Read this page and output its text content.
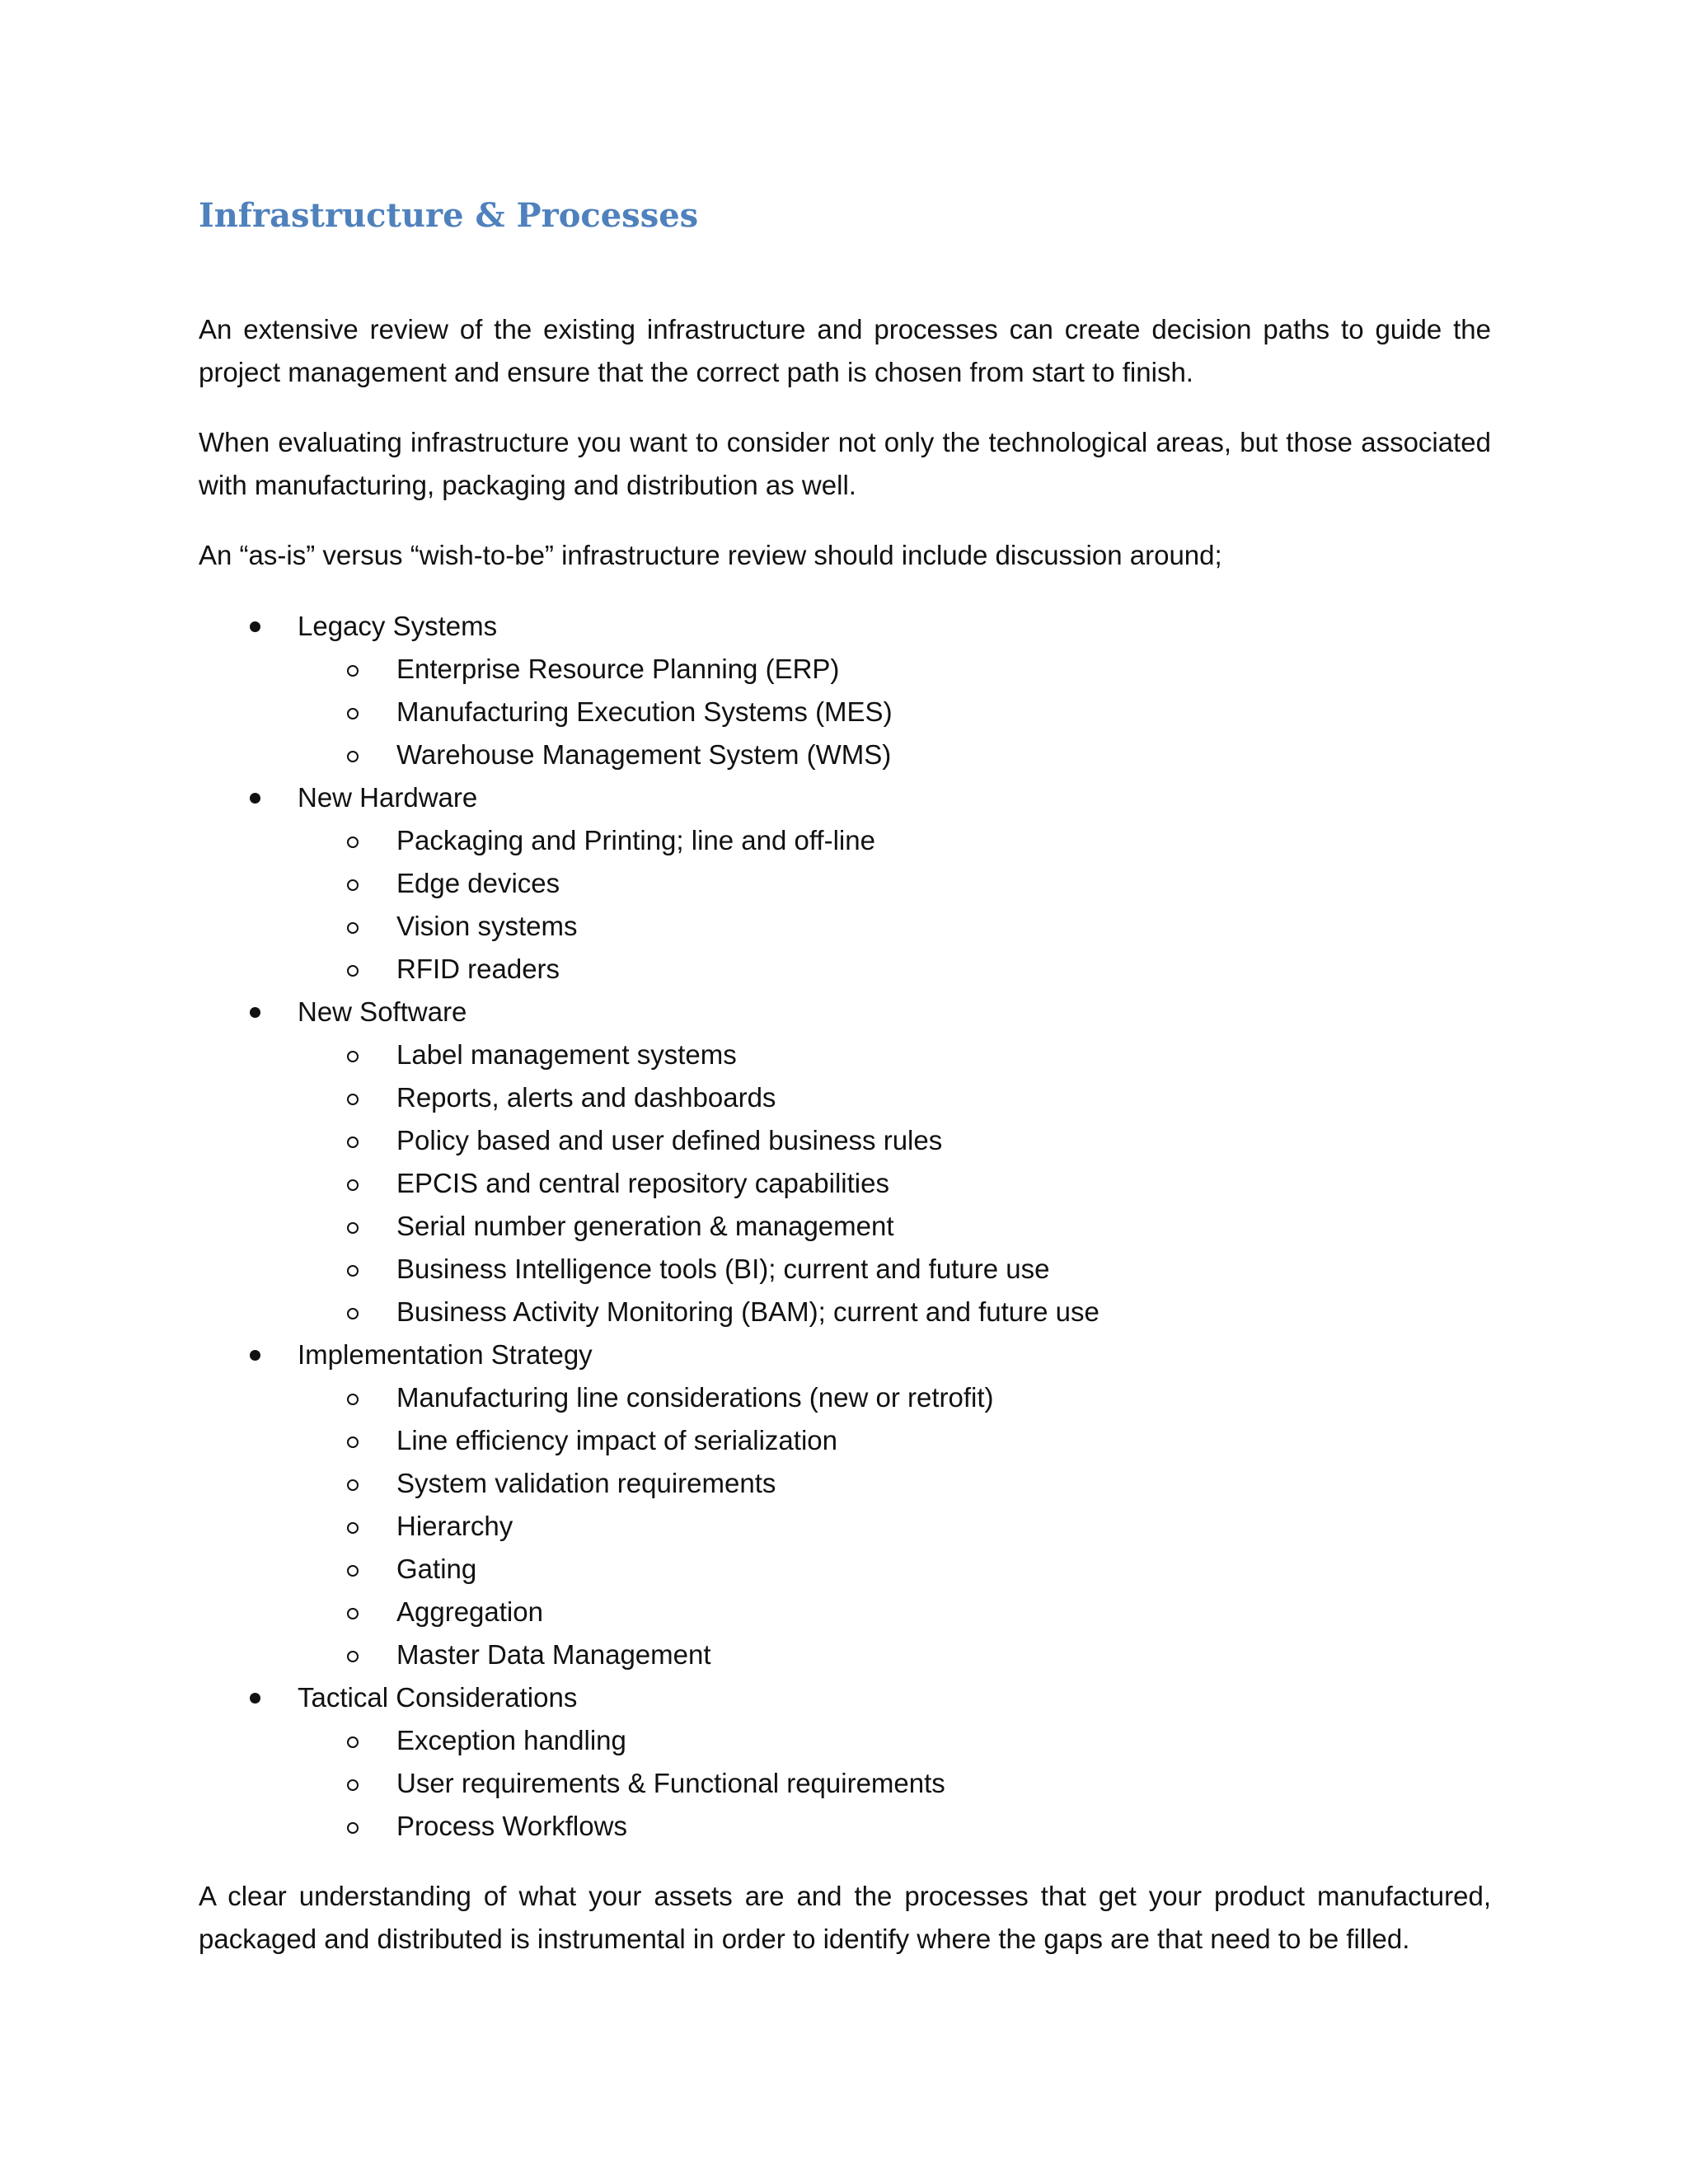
Infrastructure & Processes

An extensive review of the existing infrastructure and processes can create decision paths to guide the project management and ensure that the correct path is chosen from start to finish.

When evaluating infrastructure you want to consider not only the technological areas, but those associated with manufacturing, packaging and distribution as well.

An “as-is” versus “wish-to-be” infrastructure review should include discussion around;

Legacy Systems
Enterprise Resource Planning (ERP)
Manufacturing Execution Systems (MES)
Warehouse Management System (WMS)
New Hardware
Packaging and Printing; line and off-line
Edge devices
Vision systems
RFID readers
New Software
Label management systems
Reports, alerts and dashboards
Policy based and user defined business rules
EPCIS and central repository capabilities
Serial number generation & management
Business Intelligence tools (BI); current and future use
Business Activity Monitoring (BAM); current and future use
Implementation Strategy
Manufacturing line considerations (new or retrofit)
Line efficiency impact of serialization
System validation requirements
Hierarchy
Gating
Aggregation
Master Data Management
Tactical Considerations
Exception handling
User requirements & Functional requirements
Process Workflows

A clear understanding of what your assets are and the processes that get your product manufactured, packaged and distributed is instrumental in order to identify where the gaps are that need to be filled.
